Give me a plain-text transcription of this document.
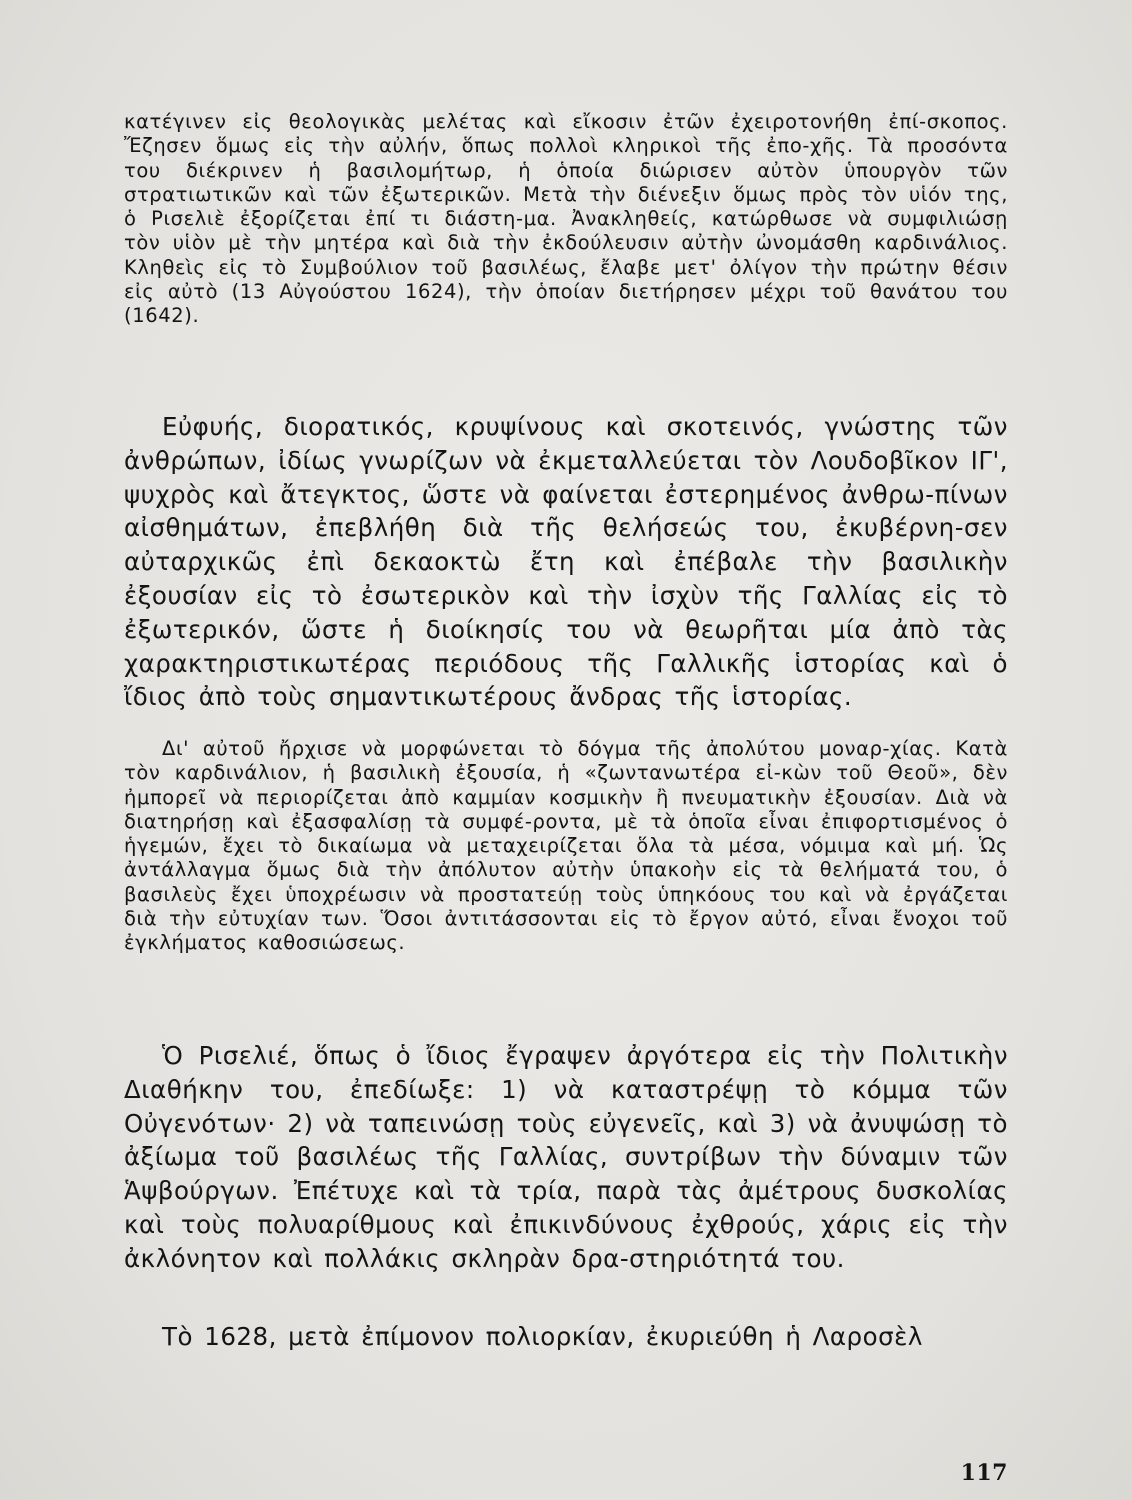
κατέγινεν εἰς θεολογικὰς μελέτας καὶ εἴκοσιν ἐτῶν ἐχειροτονήθη ἐπί-σκοπος. Ἔζησεν ὅμως εἰς τὴν αὐλήν, ὅπως πολλοὶ κληρικοὶ τῆς ἐπο-χῆς. Τὰ προσόντα του διέκρινεν ἡ βασιλομήτωρ, ἡ ὁποία διώρισεν αὐτὸν ὑπουργὸν τῶν στρατιωτικῶν καὶ τῶν ἐξωτερικῶν. Μετὰ τὴν διένεξιν ὅμως πρὸς τὸν υἱόν της, ὁ Ρισελιὲ ἐξορίζεται ἐπί τι διάστη-μα. Ἀνακληθείς, κατώρθωσε νὰ συμφιλιώσῃ τὸν υἱὸν μὲ τὴν μητέρα καὶ διὰ τὴν ἐκδούλευσιν αὐτὴν ὠνομάσθη καρδινάλιος. Κληθεὶς εἰς τὸ Συμβούλιον τοῦ βασιλέως, ἔλαβε μετ' ὀλίγον τὴν πρώτην θέσιν εἰς αὐτὸ (13 Αὐγούστου 1624), τὴν ὁποίαν διετήρησεν μέχρι τοῦ θανάτου του (1642).

Εὐφυής, διορατικός, κρυψίνους καὶ σκοτεινός, γνώστης τῶν ἀνθρώπων, ἰδίως γνωρίζων νὰ ἐκμεταλλεύεται τὸν Λουδοβῖκον ΙΓ', ψυχρὸς καὶ ἄτεγκτος, ὥστε νὰ φαίνεται ἐστερημένος ἀνθρω-πίνων αἰσθημάτων, ἐπεβλήθη διὰ τῆς θελήσεώς του, ἐκυβέρνη-σεν αὐταρχικῶς ἐπὶ δεκαοκτὼ ἔτη καὶ ἐπέβαλε τὴν βασιλικὴν ἐξουσίαν εἰς τὸ ἐσωτερικὸν καὶ τὴν ἰσχὺν τῆς Γαλλίας εἰς τὸ ἐξωτερικόν, ὥστε ἡ διοίκησίς του νὰ θεωρῆται μία ἀπὸ τὰς χαρακτηριστικωτέρας περιόδους τῆς Γαλλικῆς ἱστορίας καὶ ὁ ἴδιος ἀπὸ τοὺς σημαντικωτέρους ἄνδρας τῆς ἱστορίας.

Δι' αὐτοῦ ἤρχισε νὰ μορφώνεται τὸ δόγμα τῆς ἀπολύτου μοναρ-χίας. Κατὰ τὸν καρδινάλιον, ἡ βασιλικὴ ἐξουσία, ἡ «ζωντανωτέρα εἰ-κὼν τοῦ Θεοῦ», δὲν ἠμπορεῖ νὰ περιορίζεται ἀπὸ καμμίαν κοσμικὴν ἢ πνευματικὴν ἐξουσίαν. Διὰ νὰ διατηρήσῃ καὶ ἐξασφαλίσῃ τὰ συμφέ-ροντα, μὲ τὰ ὁποῖα εἶναι ἐπιφορτισμένος ὁ ἡγεμών, ἔχει τὸ δικαίωμα νὰ μεταχειρίζεται ὅλα τὰ μέσα, νόμιμα καὶ μή. Ὡς ἀντάλλαγμα ὅμως διὰ τὴν ἀπόλυτον αὐτὴν ὑπακοὴν εἰς τὰ θελήματά του, ὁ βασιλεὺς ἔχει ὑποχρέωσιν νὰ προστατεύῃ τοὺς ὑπηκόους του καὶ νὰ ἐργάζεται διὰ τὴν εὐτυχίαν των. Ὅσοι ἀντιτάσσονται εἰς τὸ ἔργον αὐτό, εἶναι ἔνοχοι τοῦ ἐγκλήματος καθοσιώσεως.

Ὁ Ρισελιέ, ὅπως ὁ ἴδιος ἔγραψεν ἀργότερα εἰς τὴν Πολιτικὴν Διαθήκην του, ἐπεδίωξε: 1) νὰ καταστρέψῃ τὸ κόμμα τῶν Οὐγενότων· 2) νὰ ταπεινώσῃ τοὺς εὐγενεῖς, καὶ 3) νὰ ἀνυψώσῃ τὸ ἀξίωμα τοῦ βασιλέως τῆς Γαλλίας, συντρίβων τὴν δύναμιν τῶν Ἁψβούργων. Ἐπέτυχε καὶ τὰ τρία, παρὰ τὰς ἀμέτρους δυσκολίας καὶ τοὺς πολυαρίθμους καὶ ἐπικινδύνους ἐχθρούς, χάρις εἰς τὴν ἀκλόνητον καὶ πολλάκις σκληρὰν δρα-στηριότητά του.

Τὸ 1628, μετὰ ἐπίμονον πολιορκίαν, ἐκυριεύθη ἡ Λαροσὲλ

117
